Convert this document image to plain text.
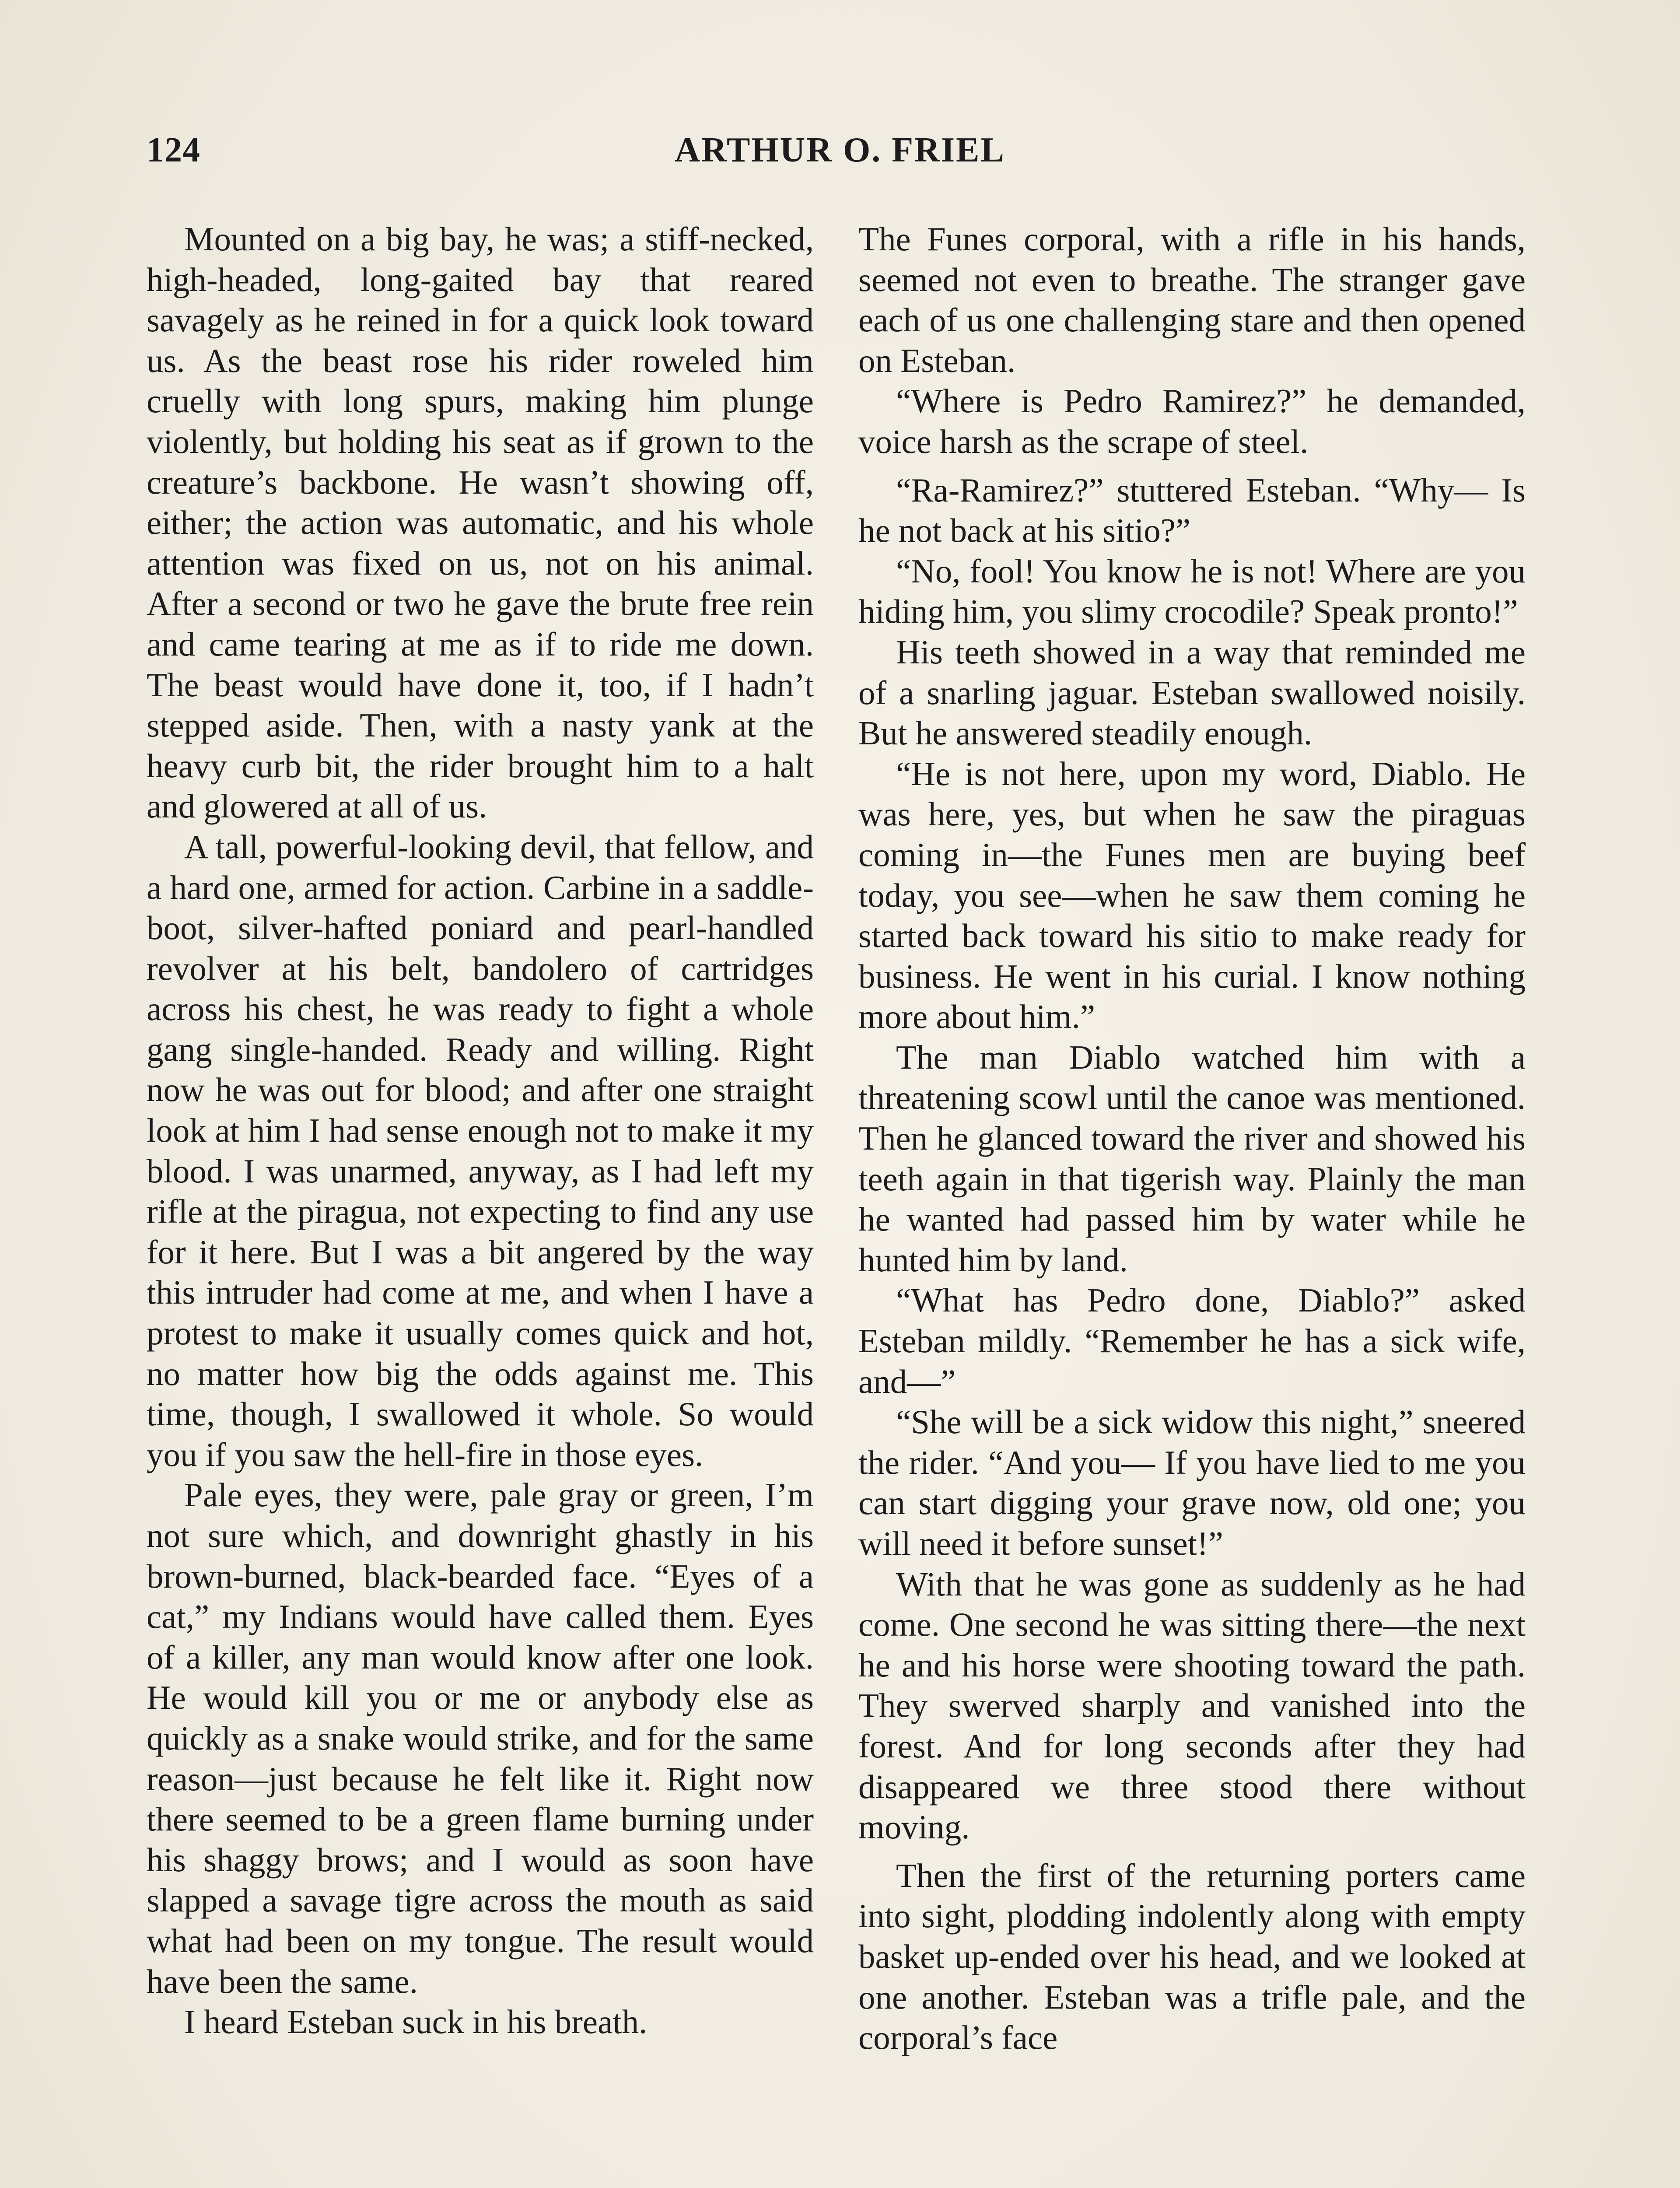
124	ARTHUR O. FRIEL

Mounted on a big bay, he was; a stiff-necked, high-headed, long-gaited bay that reared savagely as he reined in for a quick look toward us. As the beast rose his rider roweled him cruelly with long spurs, making him plunge violently, but holding his seat as if grown to the creature’s backbone. He wasn’t showing off, either; the action was automatic, and his whole attention was fixed on us, not on his animal. After a second or two he gave the brute free rein and came tearing at me as if to ride me down. The beast would have done it, too, if I hadn’t stepped aside. Then, with a nasty yank at the heavy curb bit, the rider brought him to a halt and glowered at all of us.

A tall, powerful-looking devil, that fellow, and a hard one, armed for action. Carbine in a saddle-boot, silver-hafted poniard and pearl-handled revolver at his belt, bandolero of cartridges across his chest, he was ready to fight a whole gang single-handed. Ready and willing. Right now he was out for blood; and after one straight look at him I had sense enough not to make it my blood. I was unarmed, anyway, as I had left my rifle at the piragua, not expecting to find any use for it here. But I was a bit angered by the way this intruder had come at me, and when I have a protest to make it usually comes quick and hot, no matter how big the odds against me. This time, though, I swallowed it whole. So would you if you saw the hell-fire in those eyes.

Pale eyes, they were, pale gray or green, I’m not sure which, and downright ghastly in his brown-burned, black-bearded face. “Eyes of a cat,” my Indians would have called them. Eyes of a killer, any man would know after one look. He would kill you or me or anybody else as quickly as a snake would strike, and for the same reason—just because he felt like it. Right now there seemed to be a green flame burning under his shaggy brows; and I would as soon have slapped a savage tigre across the mouth as said what had been on my tongue. The result would have been the same.

I heard Esteban suck in his breath.

The Funes corporal, with a rifle in his hands, seemed not even to breathe. The stranger gave each of us one challenging stare and then opened on Esteban.

“Where is Pedro Ramirez?” he demanded, voice harsh as the scrape of steel.

“Ra-Ramirez?” stuttered Esteban. “Why— Is he not back at his sitio?”

“No, fool! You know he is not! Where are you hiding him, you slimy crocodile? Speak pronto!”

His teeth showed in a way that reminded me of a snarling jaguar. Esteban swallowed noisily. But he answered steadily enough.

“He is not here, upon my word, Diablo. He was here, yes, but when he saw the piraguas coming in—the Funes men are buying beef today, you see—when he saw them coming he started back toward his sitio to make ready for business. He went in his curial. I know nothing more about him.”

The man Diablo watched him with a threatening scowl until the canoe was mentioned. Then he glanced toward the river and showed his teeth again in that tigerish way. Plainly the man he wanted had passed him by water while he hunted him by land.

“What has Pedro done, Diablo?” asked Esteban mildly. “Remember he has a sick wife, and—”

“She will be a sick widow this night,” sneered the rider. “And you— If you have lied to me you can start digging your grave now, old one; you will need it before sunset!”

With that he was gone as suddenly as he had come. One second he was sitting there—the next he and his horse were shooting toward the path. They swerved sharply and vanished into the forest. And for long seconds after they had disappeared we three stood there without moving.

Then the first of the returning porters came into sight, plodding indolently along with empty basket up-ended over his head, and we looked at one another. Esteban was a trifle pale, and the corporal’s face
